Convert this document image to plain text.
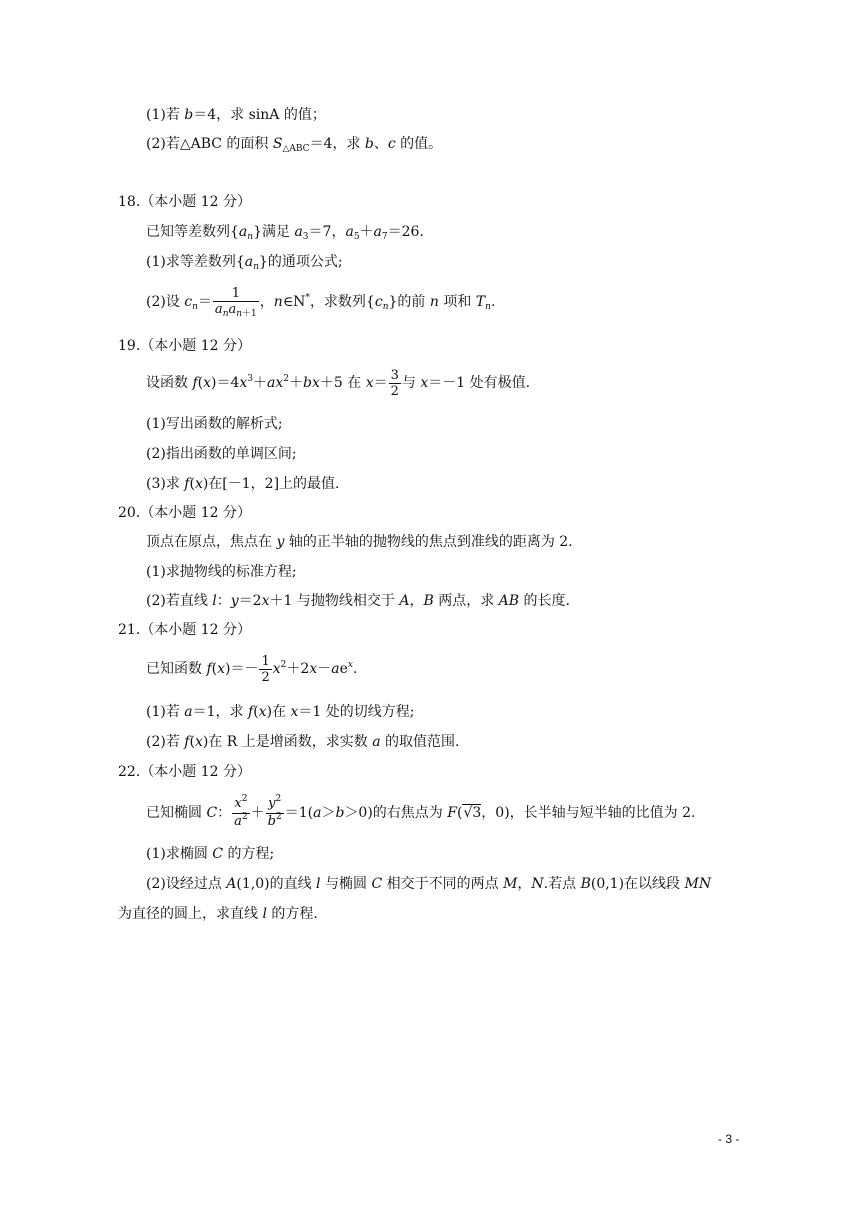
(1)若 b＝4，求 sinA 的值；
(2)若△ABC 的面积 $S_{\triangle ABC}=4$，求 b、c 的值。
18.（本小题 12 分）
已知等差数列$\{a_n\}$满足 $a_3=7$，$a_5+a_7=26$.
(1)求等差数列$\{a_n\}$的通项公式;
(2)设 $c_n= \frac{1}{a_na_{n+1}}$ ，n∈N*，求数列$\{c_n\}$的前 n 项和 $T_n$.
19.（本小题 12 分）
设函数 $f(x)=4x^3+ax^2+bx+5$ 在 $x= \frac{3}{2}$ 与 x＝－1 处有极值.
(1)写出函数的解析式;
(2)指出函数的单调区间;
(3)求 f(x)在[－1，2]上的最值.
20.（本小题 12 分）
顶点在原点，焦点在 y 轴的正半轴的抛物线的焦点到准线的距离为 2.
(1)求抛物线的标准方程;
(2)若直线 l：y＝2x＋1 与抛物线相交于 A，B 两点，求 AB 的长度.
21.（本小题 12 分）
已知函数 $f(x)=- \frac{1}{2} x^2+2x-ae^x$.
(1)若 a＝1，求 f(x)在 x＝1 处的切线方程;
(2)若 f(x)在 R 上是增函数，求实数 a 的取值范围.
22.（本小题 12 分）
已知椭圆 C： $\frac{x^2}{a^2} + \frac{y^2}{b^2} =1(a>b>0)$的右焦点为 F(√3，0)，长半轴与短半轴的比值为 2.
(1)求椭圆 C 的方程;
(2)设经过点 A(1,0)的直线 l 与椭圆 C 相交于不同的两点 M，N.若点 B(0,1)在以线段 MN
为直径的圆上，求直线 l 的方程.
- 3 -
